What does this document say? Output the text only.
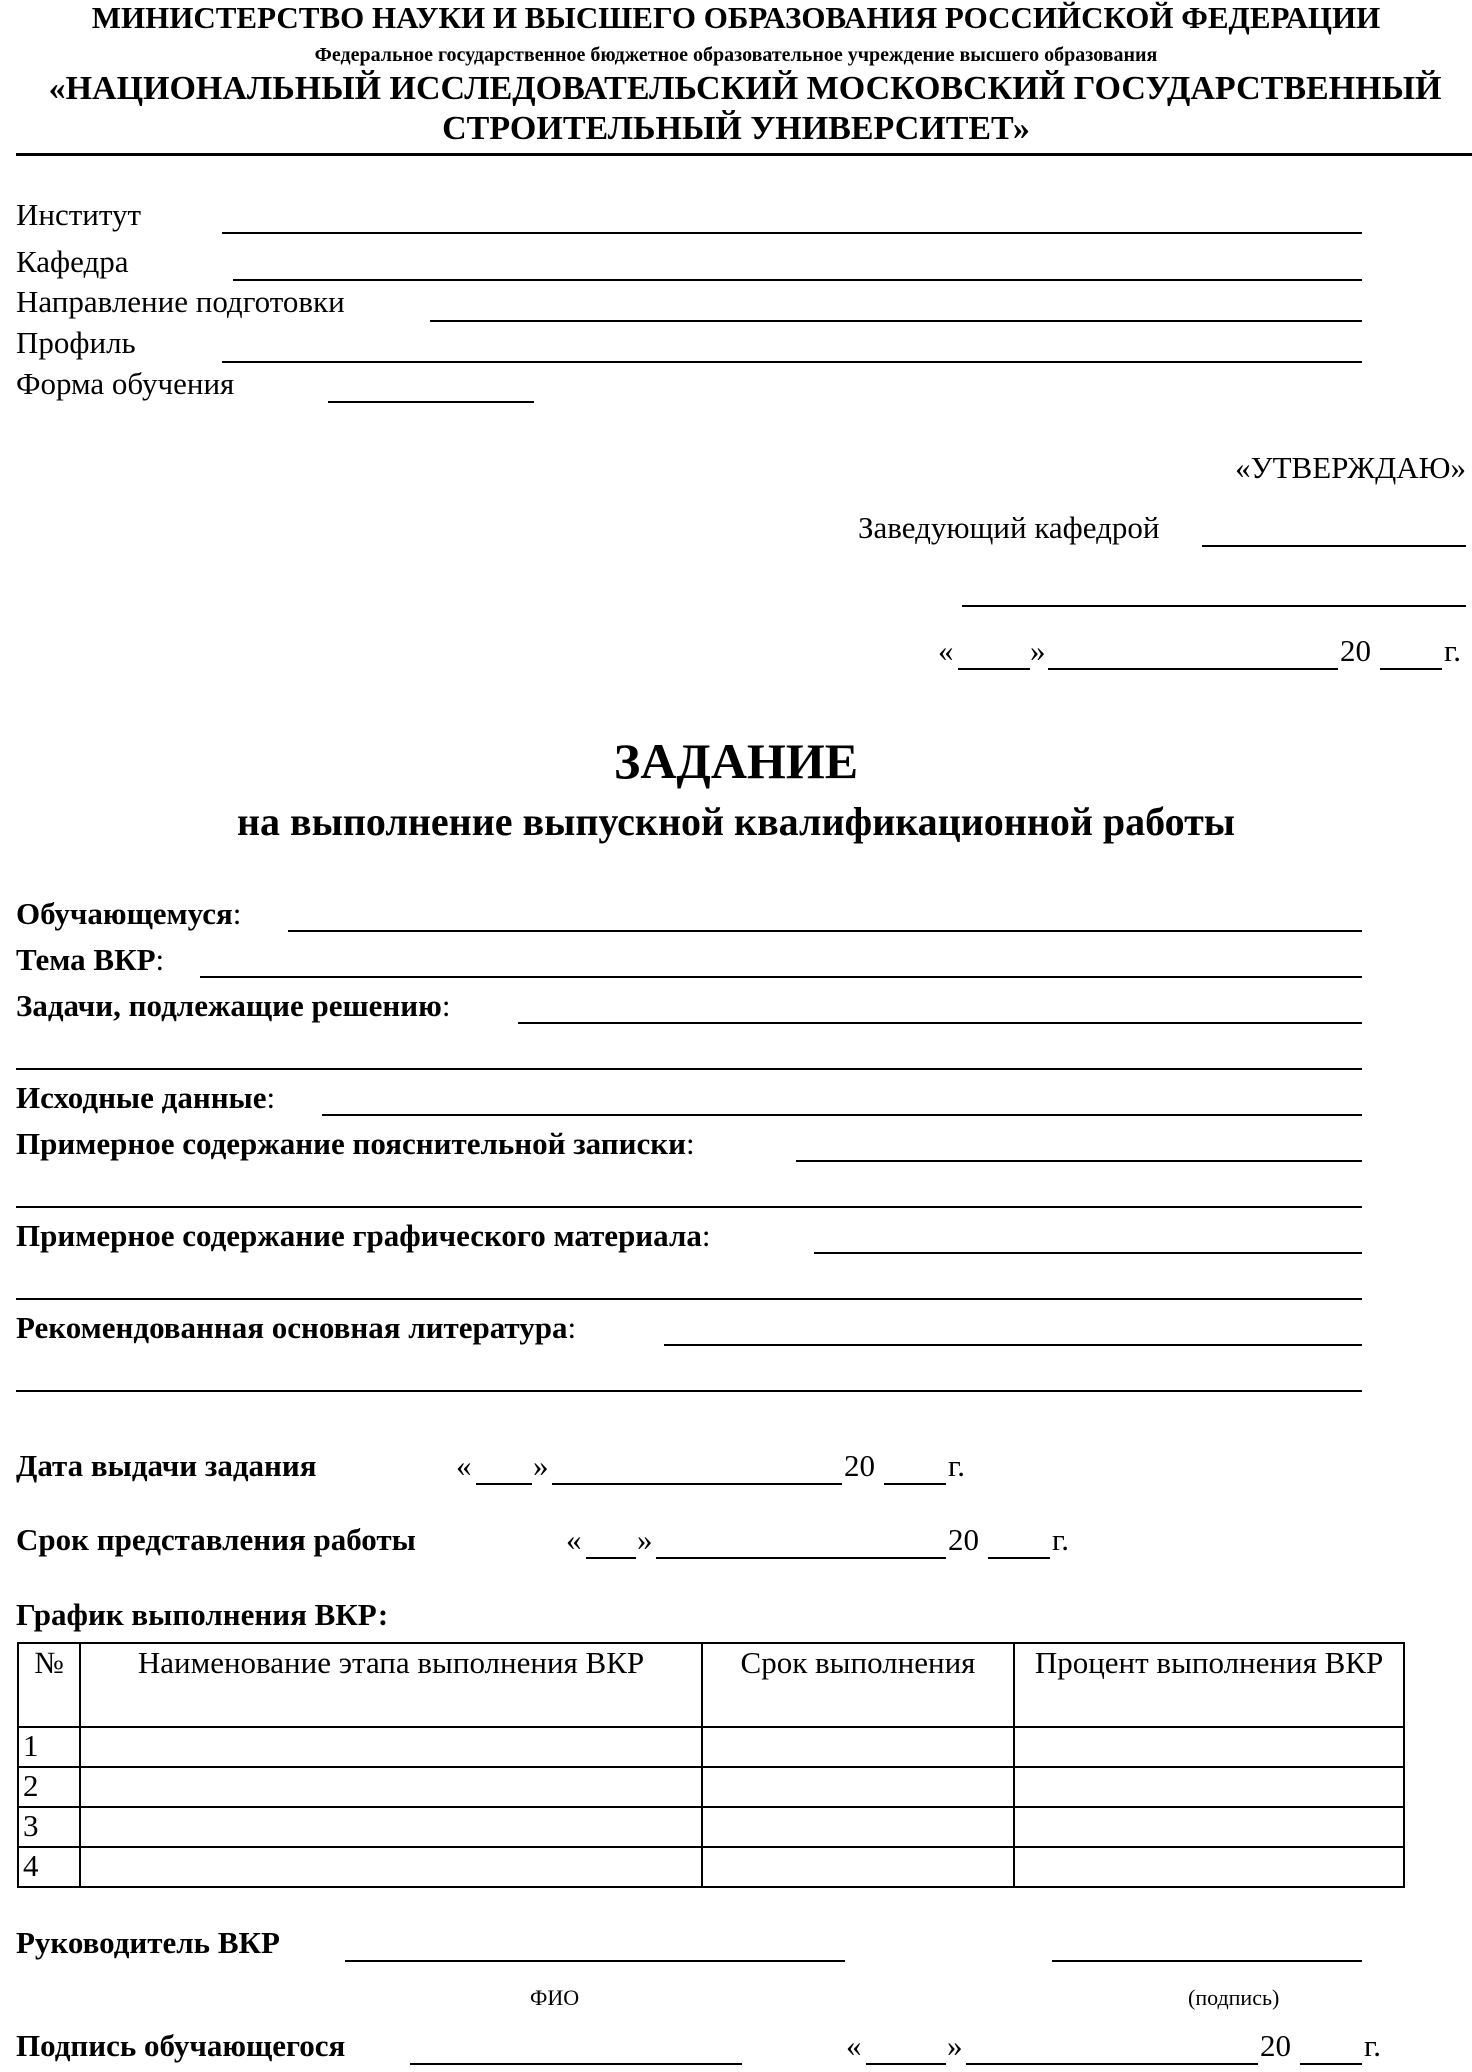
МИНИСТЕРСТВО НАУКИ И ВЫСШЕГО ОБРАЗОВАНИЯ РОССИЙСКОЙ ФЕДЕРАЦИИ
Федеральное государственное бюджетное образовательное учреждение высшего образования
«НАЦИОНАЛЬНЫЙ ИССЛЕДОВАТЕЛЬСКИЙ МОСКОВСКИЙ ГОСУДАРСТВЕННЫЙ
СТРОИТЕЛЬНЫЙ УНИВЕРСИТЕТ»
Институт
Кафедра
Направление подготовки
Профиль
Форма обучения
«УТВЕРЖДАЮ»
Заведующий кафедрой
« »	20 г.
ЗАДАНИЕ
на выполнение выпускной квалификационной работы
Обучающемуся:
Тема ВКР:
Задачи, подлежащие решению:
Исходные данные:
Примерное содержание пояснительной записки:
Примерное содержание графического материала:
Рекомендованная основная литература:
Дата выдачи задания	« »	20 г.
Срок представления работы	« »	20 г.
График выполнения ВКР:
№	Наименование этапа выполнения ВКР	Срок выполнения	Процент выполнения ВКР
1			
2			
3			
4			
Руководитель ВКР
ФИО	(подпись)
Подпись обучающегося	«	»	20 г.
